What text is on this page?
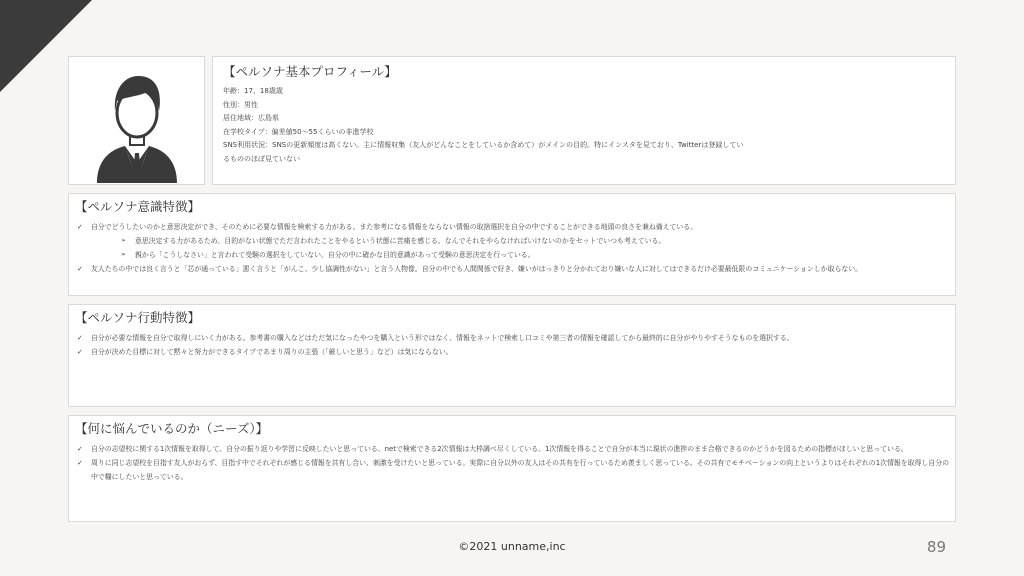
【ペルソナ基本プロフィール】
年齢：17、18歳歳
性別：男性
居住地域：広島県
在学校タイプ：偏差値50〜55くらいの非進学校
SNS利用状況：SNSの更新頻度は高くない。主に情報収集（友人がどんなことをしているか含めて）がメインの目的。特にインスタを見ており、Twitterは登録してい
るもののほぼ見ていない
【ペルソナ意識特徴】
✓ 自分でどうしたいのかと意思決定ができ、そのために必要な情報を検索する力がある。また参考になる情報をならない情報の取捨選択を自分の中ですることができる地頭の良さを兼ね備えている。
➢ 意思決定する力があるため、目的がない状態でただ言われたことをやるという状態に苦痛を感じる。なんでそれをやらなければいけないのかをセットでいつも考えている。
➢ 親から「こうしなさい」と言われて受験の選択をしていない。自分の中に確かな目的意識があって受験の意思決定を行っている。
✓ 友人たちの中では良く言うと「芯が通っている」悪く言うと「がんこ、少し協調性がない」と言う人物像。自分の中でも人間関係で好き、嫌いがはっきりと分かれており嫌いな人に対してはできるだけ必要最低限のコミュニケーションしか取らない。
【ペルソナ行動特徴】
✓ 自分が必要な情報を自分で取得しにいく力がある。参考書の購入などはただ気になったやつを購入という形ではなく、情報をネットで検索し口コミや第三者の情報を確認してから最終的に自分がやりやすそうなものを選択する。
✓ 自分が決めた目標に対して黙々と努力ができるタイプであまり周りの主張（「厳しいと思う」など）は気にならない。
【何に悩んでいるのか（ニーズ）】
✓ 自分の志望校に関する1次情報を取得して、自分の振り返りや学習に反映したいと思っている、netで検索できる2次情報は大枠調べ尽くしている。1次情報を得ることで自分が本当に現状の進捗のまま合格できるのかどうかを図るための指標がほしいと思っている。
✓ 周りに同じ志望校を目指す友人がおらず、目指す中でそれぞれが感じる情報を共有し合い、刺激を受けたいと思っている。実際に自分以外の友人はその共有を行っているため羨ましく思っている。その共有でモチベーションの向上というよりはそれぞれの1次情報を取得し自分の中で糧にしたいと思っている。
©2021 unname,inc	89
